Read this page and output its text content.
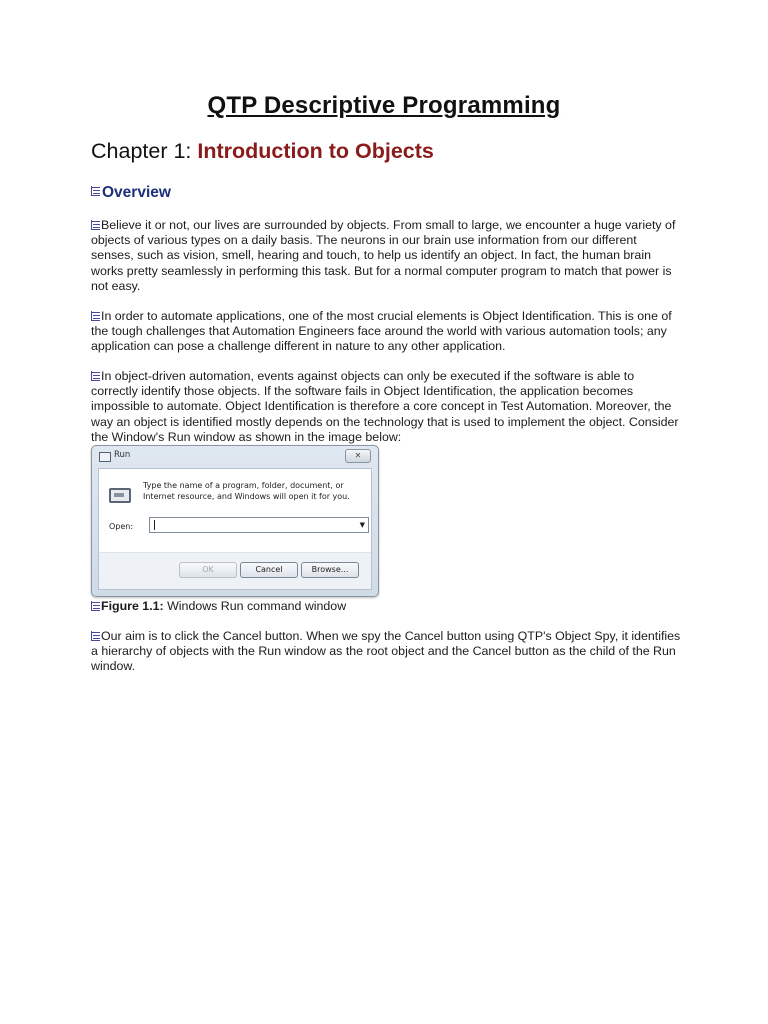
QTP Descriptive Programming
Chapter 1: Introduction to Objects
Overview
Believe it or not, our lives are surrounded by objects. From small to large, we encounter a huge variety of objects of various types on a daily basis. The neurons in our brain use information from our different senses, such as vision, smell, hearing and touch, to help us identify an object. In fact, the human brain works pretty seamlessly in performing this task. But for a normal computer program to match that power is not easy.
In order to automate applications, one of the most crucial elements is Object Identification. This is one of the tough challenges that Automation Engineers face around the world with various automation tools; any application can pose a challenge different in nature to any other application.
In object-driven automation, events against objects can only be executed if the software is able to correctly identify those objects. If the software fails in Object Identification, the application becomes impossible to automate. Object Identification is therefore a core concept in Test Automation. Moreover, the way an object is identified mostly depends on the technology that is used to implement the object. Consider the Window's Run window as shown in the image below:
Run	✕
Type the name of a program, folder, document, or Internet resource, and Windows will open it for you.
Open:	▼
OK	Cancel	Browse...
Figure 1.1: Windows Run command window
Our aim is to click the Cancel button. When we spy the Cancel button using QTP's Object Spy, it identifies a hierarchy of objects with the Run window as the root object and the Cancel button as the child of the Run window.
